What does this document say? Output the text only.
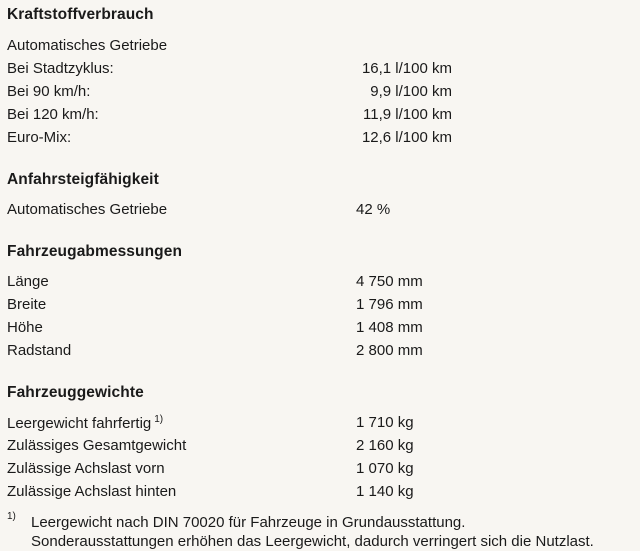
Kraftstoffverbrauch
Automatisches Getriebe
Bei Stadtzyklus:	16,1 l/100 km
Bei 90 km/h:	9,9 l/100 km
Bei 120 km/h:	11,9 l/100 km
Euro-Mix:	12,6 l/100 km
Anfahrsteigfähigkeit
Automatisches Getriebe	42 %
Fahrzeugabmessungen
Länge	4 750 mm
Breite	1 796 mm
Höhe	1 408 mm
Radstand	2 800 mm
Fahrzeuggewichte
Leergewicht fahrfertig $^{1)}$	1 710 kg
Zulässiges Gesamtgewicht	2 160 kg
Zulässige Achslast vorn	1 070 kg
Zulässige Achslast hinten	1 140 kg
1) Leergewicht nach DIN 70020 für Fahrzeuge in Grundausstattung.
Sonderausstattungen erhöhen das Leergewicht, dadurch verringert sich die Nutzlast.
